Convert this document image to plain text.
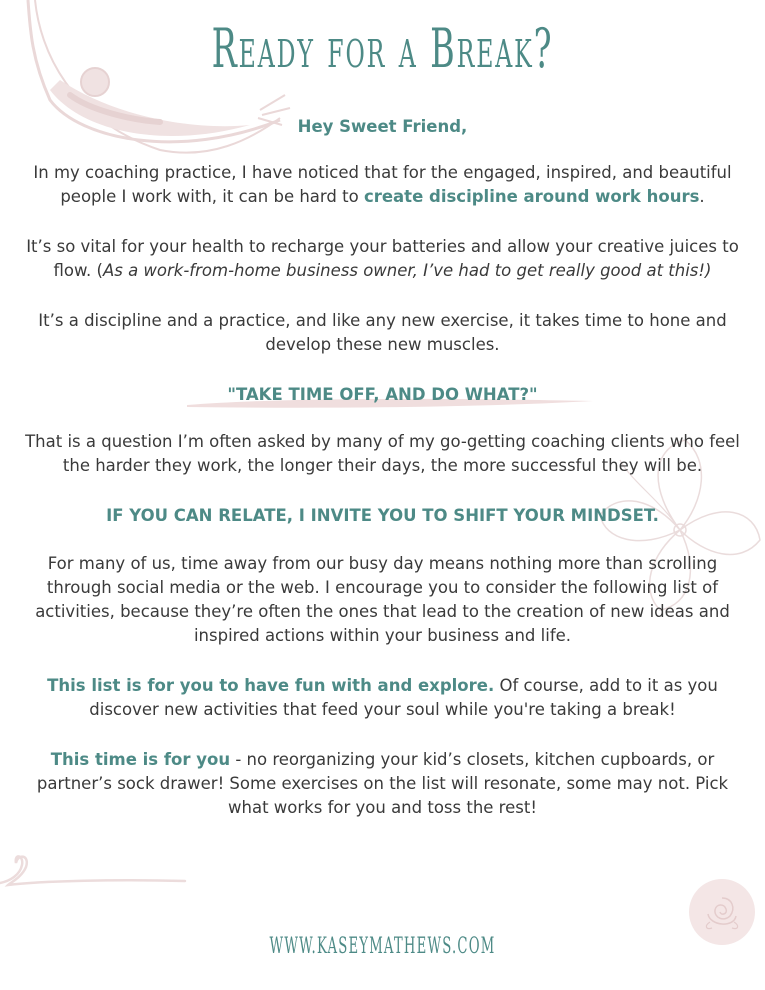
Ready for a Break?
Hey Sweet Friend,
In my coaching practice, I have noticed that for the engaged, inspired, and beautiful people I work with, it can be hard to create discipline around work hours.
It’s so vital for your health to recharge your batteries and allow your creative juices to flow. (As a work-from-home business owner, I’ve had to get really good at this!)
It’s a discipline and a practice, and like any new exercise, it takes time to hone and develop these new muscles.
"TAKE TIME OFF, AND DO WHAT?"
That is a question I’m often asked by many of my go-getting coaching clients who feel the harder they work, the longer their days, the more successful they will be.
IF YOU CAN RELATE, I INVITE YOU TO SHIFT YOUR MINDSET.
For many of us, time away from our busy day means nothing more than scrolling through social media or the web. I encourage you to consider the following list of activities, because they’re often the ones that lead to the creation of new ideas and inspired actions within your business and life.
This list is for you to have fun with and explore. Of course, add to it as you discover new activities that feed your soul while you're taking a break!
This time is for you - no reorganizing your kid’s closets, kitchen cupboards, or partner’s sock drawer! Some exercises on the list will resonate, some may not. Pick what works for you and toss the rest!
WWW.KASEYMATHEWS.COM
